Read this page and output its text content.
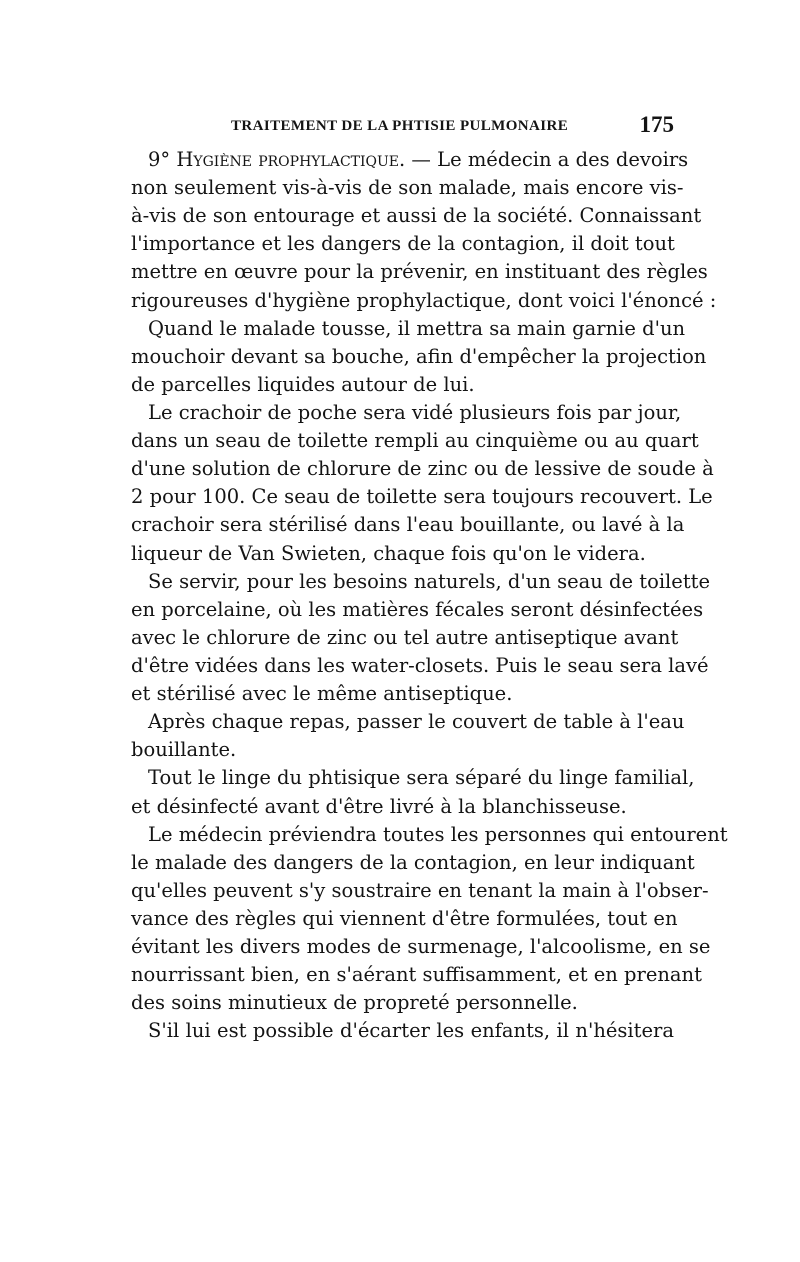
TRAITEMENT DE LA PHTISIE PULMONAIRE	175
9° Hygiène prophylactique. — Le médecin a des devoirs
non seulement vis-à-vis de son malade, mais encore vis-
à-vis de son entourage et aussi de la société. Connaissant
l'importance et les dangers de la contagion, il doit tout
mettre en œuvre pour la prévenir, en instituant des règles
rigoureuses d'hygiène prophylactique, dont voici l'énoncé :
Quand le malade tousse, il mettra sa main garnie d'un
mouchoir devant sa bouche, afin d'empêcher la projection
de parcelles liquides autour de lui.
Le crachoir de poche sera vidé plusieurs fois par jour,
dans un seau de toilette rempli au cinquième ou au quart
d'une solution de chlorure de zinc ou de lessive de soude à
2 pour 100. Ce seau de toilette sera toujours recouvert. Le
crachoir sera stérilisé dans l'eau bouillante, ou lavé à la
liqueur de Van Swieten, chaque fois qu'on le videra.
Se servir, pour les besoins naturels, d'un seau de toilette
en porcelaine, où les matières fécales seront désinfectées
avec le chlorure de zinc ou tel autre antiseptique avant
d'être vidées dans les water-closets. Puis le seau sera lavé
et stérilisé avec le même antiseptique.
Après chaque repas, passer le couvert de table à l'eau
bouillante.
Tout le linge du phtisique sera séparé du linge familial,
et désinfecté avant d'être livré à la blanchisseuse.
Le médecin préviendra toutes les personnes qui entourent
le malade des dangers de la contagion, en leur indiquant
qu'elles peuvent s'y soustraire en tenant la main à l'obser-
vance des règles qui viennent d'être formulées, tout en
évitant les divers modes de surmenage, l'alcoolisme, en se
nourrissant bien, en s'aérant suffisamment, et en prenant
des soins minutieux de propreté personnelle.
S'il lui est possible d'écarter les enfants, il n'hésitera
